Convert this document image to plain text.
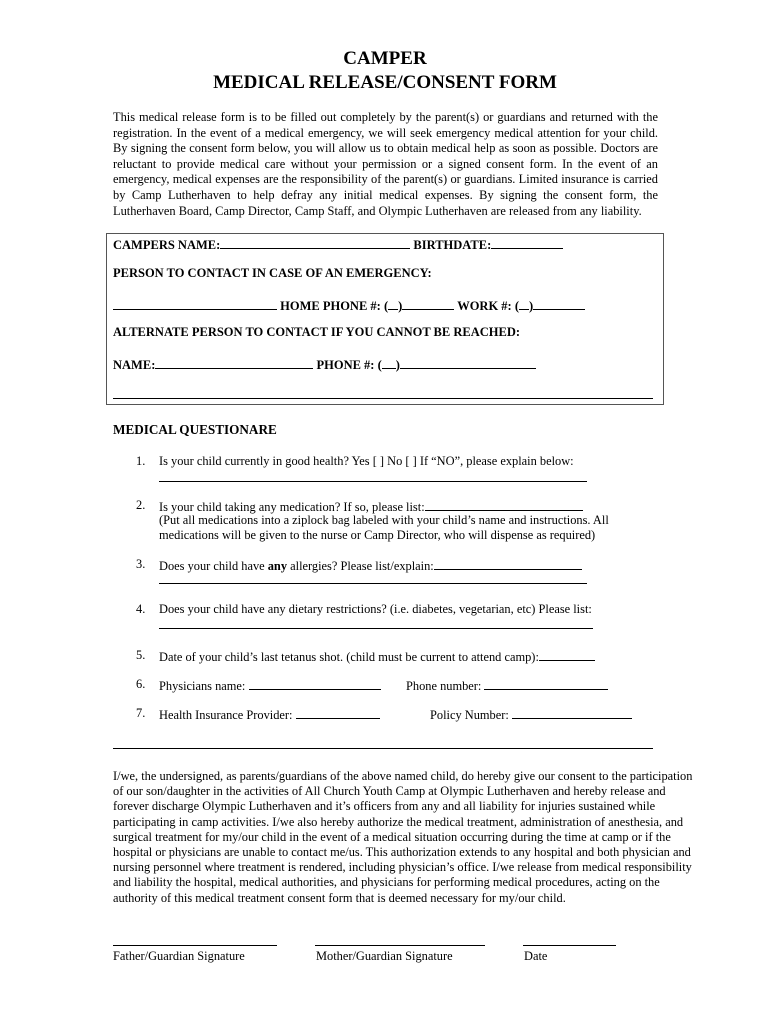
CAMPER
MEDICAL RELEASE/CONSENT FORM
This medical release form is to be filled out completely by the parent(s) or guardians and returned with the registration. In the event of a medical emergency, we will seek emergency medical attention for your child. By signing the consent form below, you will allow us to obtain medical help as soon as possible. Doctors are reluctant to provide medical care without your permission or a signed consent form. In the event of an emergency, medical expenses are the responsibility of the parent(s) or guardians. Limited insurance is carried by Camp Lutherhaven to help defray any initial medical expenses. By signing the consent form, the Lutherhaven Board, Camp Director, Camp Staff, and Olympic Lutherhaven are released from any liability.
CAMPERS NAME:	BIRTHDATE:
PERSON TO CONTACT IN CASE OF AN EMERGENCY:
HOME PHONE #: ( )	WORK #: ( )
ALTERNATE PERSON TO CONTACT IF YOU CANNOT BE REACHED:
NAME:	PHONE #: ( )
MEDICAL QUESTIONARE
1. Is your child currently in good health? Yes [ ] No [ ] If “NO”, please explain below:
2. Is your child taking any medication? If so, please list:
(Put all medications into a ziplock bag labeled with your child’s name and instructions. All medications will be given to the nurse or Camp Director, who will dispense as required)
3. Does your child have any allergies? Please list/explain:
4. Does your child have any dietary restrictions? (i.e. diabetes, vegetarian, etc) Please list:
5. Date of your child’s last tetanus shot. (child must be current to attend camp):
6. Physicians name:	Phone number:
7. Health Insurance Provider:	Policy Number:
I/we, the undersigned, as parents/guardians of the above named child, do hereby give our consent to the participation of our son/daughter in the activities of All Church Youth Camp at Olympic Lutherhaven and hereby release and forever discharge Olympic Lutherhaven and it’s officers from any and all liability for injuries sustained while participating in camp activities. I/we also hereby authorize the medical treatment, administration of anesthesia, and surgical treatment for my/our child in the event of a medical situation occurring during the time at camp or if the hospital or physicians are unable to contact me/us. This authorization extends to any hospital and both physician and nursing personnel where treatment is rendered, including physician’s office. I/we release from medical responsibility and liability the hospital, medical authorities, and physicians for performing medical procedures, acting on the authority of this medical treatment consent form that is deemed necessary for my/our child.
Father/Guardian Signature	Mother/Guardian Signature	Date
